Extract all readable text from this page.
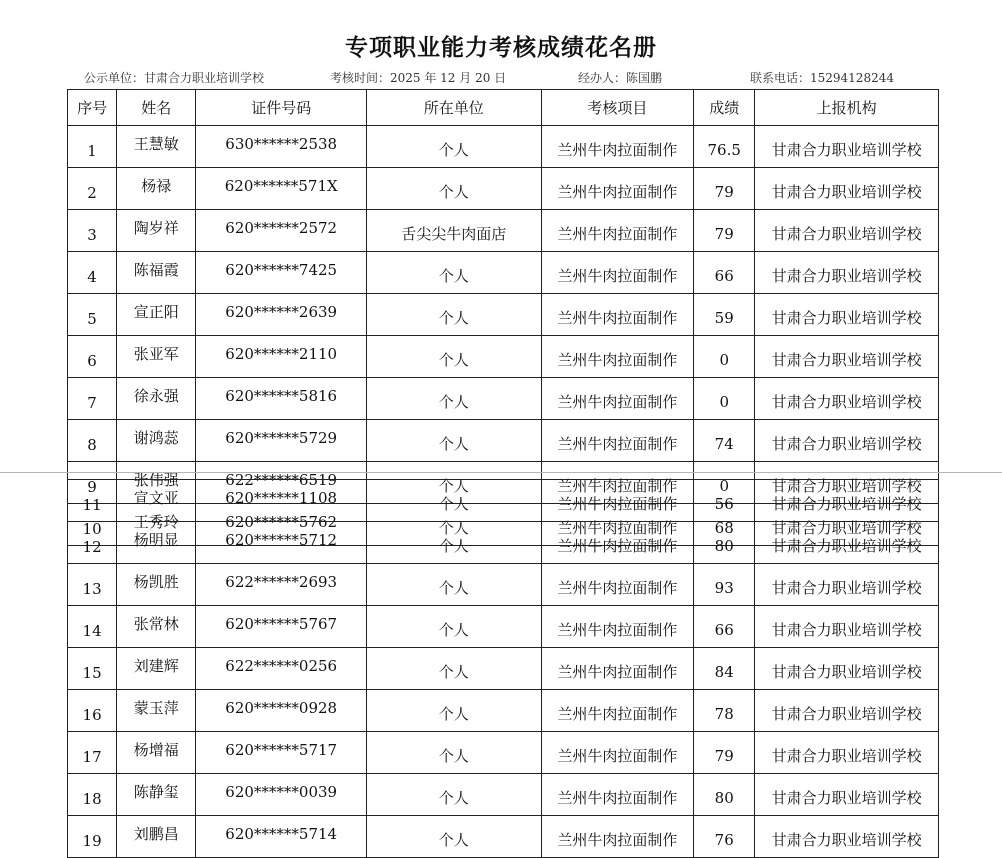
专项职业能力考核成绩花名册
公示单位：甘肃合力职业培训学校	考核时间：2025 年 12 月 20 日	经办人：陈国鹏	联系电话：15294128244
序号	姓名	证件号码	所在单位	考核项目	成绩	上报机构
1	王慧敏	630******2538	个人	兰州牛肉拉面制作	76.5	甘肃合力职业培训学校
2	杨禄	620******571X	个人	兰州牛肉拉面制作	79	甘肃合力职业培训学校
3	陶岁祥	620******2572	舌尖尖牛肉面店	兰州牛肉拉面制作	79	甘肃合力职业培训学校
4	陈福霞	620******7425	个人	兰州牛肉拉面制作	66	甘肃合力职业培训学校
5	宣正阳	620******2639	个人	兰州牛肉拉面制作	59	甘肃合力职业培训学校
6	张亚军	620******2110	个人	兰州牛肉拉面制作	0	甘肃合力职业培训学校
7	徐永强	620******5816	个人	兰州牛肉拉面制作	0	甘肃合力职业培训学校
8	谢鸿蕊	620******5729	个人	兰州牛肉拉面制作	74	甘肃合力职业培训学校
9	张伟强	622******6519	个人	兰州牛肉拉面制作	0	甘肃合力职业培训学校
10	王秀玲	620******5762	个人	兰州牛肉拉面制作	68	甘肃合力职业培训学校
11	宣文亚	620******1108	个人	兰州牛肉拉面制作	56	甘肃合力职业培训学校
12	杨明显	620******5712	个人	兰州牛肉拉面制作	80	甘肃合力职业培训学校
13	杨凯胜	622******2693	个人	兰州牛肉拉面制作	93	甘肃合力职业培训学校
14	张常林	620******5767	个人	兰州牛肉拉面制作	66	甘肃合力职业培训学校
15	刘建辉	622******0256	个人	兰州牛肉拉面制作	84	甘肃合力职业培训学校
16	蒙玉萍	620******0928	个人	兰州牛肉拉面制作	78	甘肃合力职业培训学校
17	杨增福	620******5717	个人	兰州牛肉拉面制作	79	甘肃合力职业培训学校
18	陈静玺	620******0039	个人	兰州牛肉拉面制作	80	甘肃合力职业培训学校
19	刘鹏昌	620******5714	个人	兰州牛肉拉面制作	76	甘肃合力职业培训学校
